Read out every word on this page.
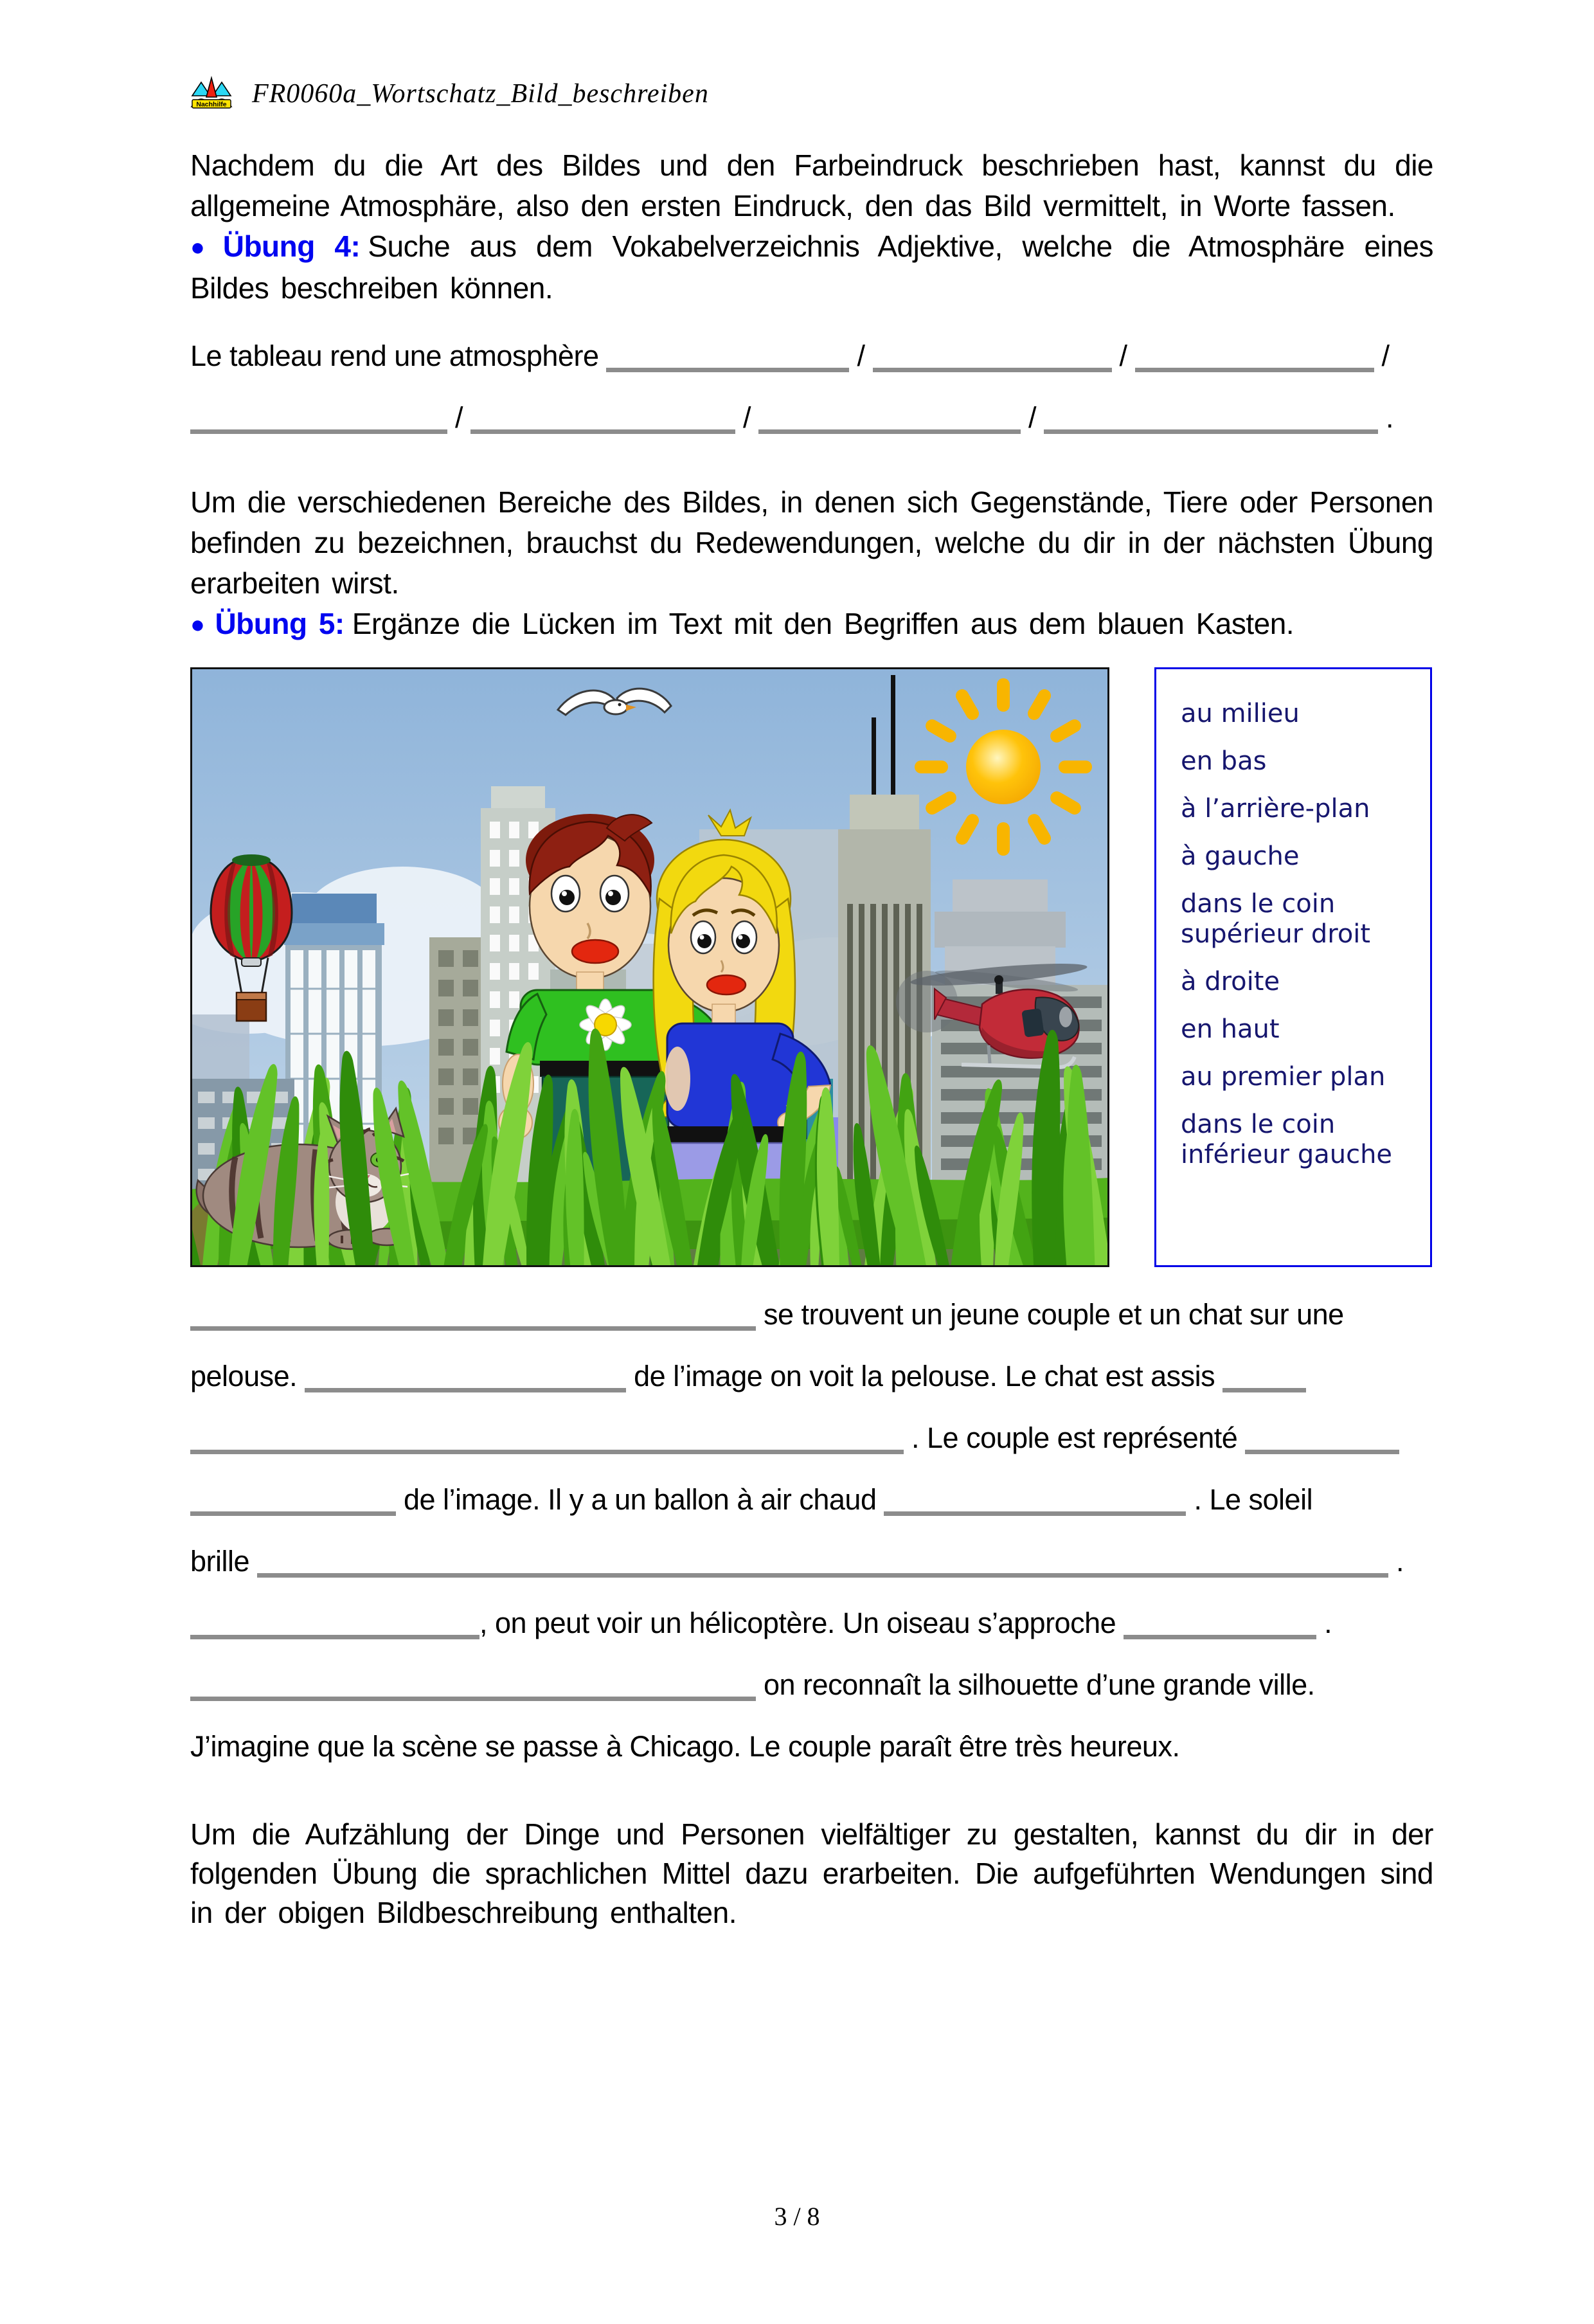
Nachhilfe FR0060a_Wortschatz_Bild_beschreiben

Nachdem du die Art des Bildes und den Farbeindruck beschrieben hast, kannst du die allgemeine Atmosphäre, also den ersten Eindruck, den das Bild vermittelt, in Worte fassen.

● Übung 4: Suche aus dem Vokabelverzeichnis Adjektive, welche die Atmosphäre eines Bildes beschreiben können.

Le tableau rend une atmosphère	/	/	/
/	/	/	.

Um die verschiedenen Bereiche des Bildes, in denen sich Gegenstände, Tiere oder Personen befinden zu bezeichnen, brauchst du Redewendungen, welche du dir in der nächsten Übung erarbeiten wirst.

● Übung 5: Ergänze die Lücken im Text mit den Begriffen aus dem blauen Kasten.

au milieu
en bas
à l’arrière-plan
à gauche
dans le coin supérieur droit
à droite
en haut
au premier plan
dans le coin inférieur gauche
se trouvent un jeune couple et un chat sur une
pelouse.	de l’image on voit la pelouse. Le chat est assis
. Le couple est représenté
de l’image. Il y a un ballon à air chaud	. Le soleil
brille	.
, on peut voir un hélicoptère. Un oiseau s’approche	.
on reconnaît la silhouette d’une grande ville.
J’imagine que la scène se passe à Chicago. Le couple paraît être très heureux.

Um die Aufzählung der Dinge und Personen vielfältiger zu gestalten, kannst du dir in der folgenden Übung die sprachlichen Mittel dazu erarbeiten. Die aufgeführten Wendungen sind in der obigen Bildbeschreibung enthalten.

3 / 8
